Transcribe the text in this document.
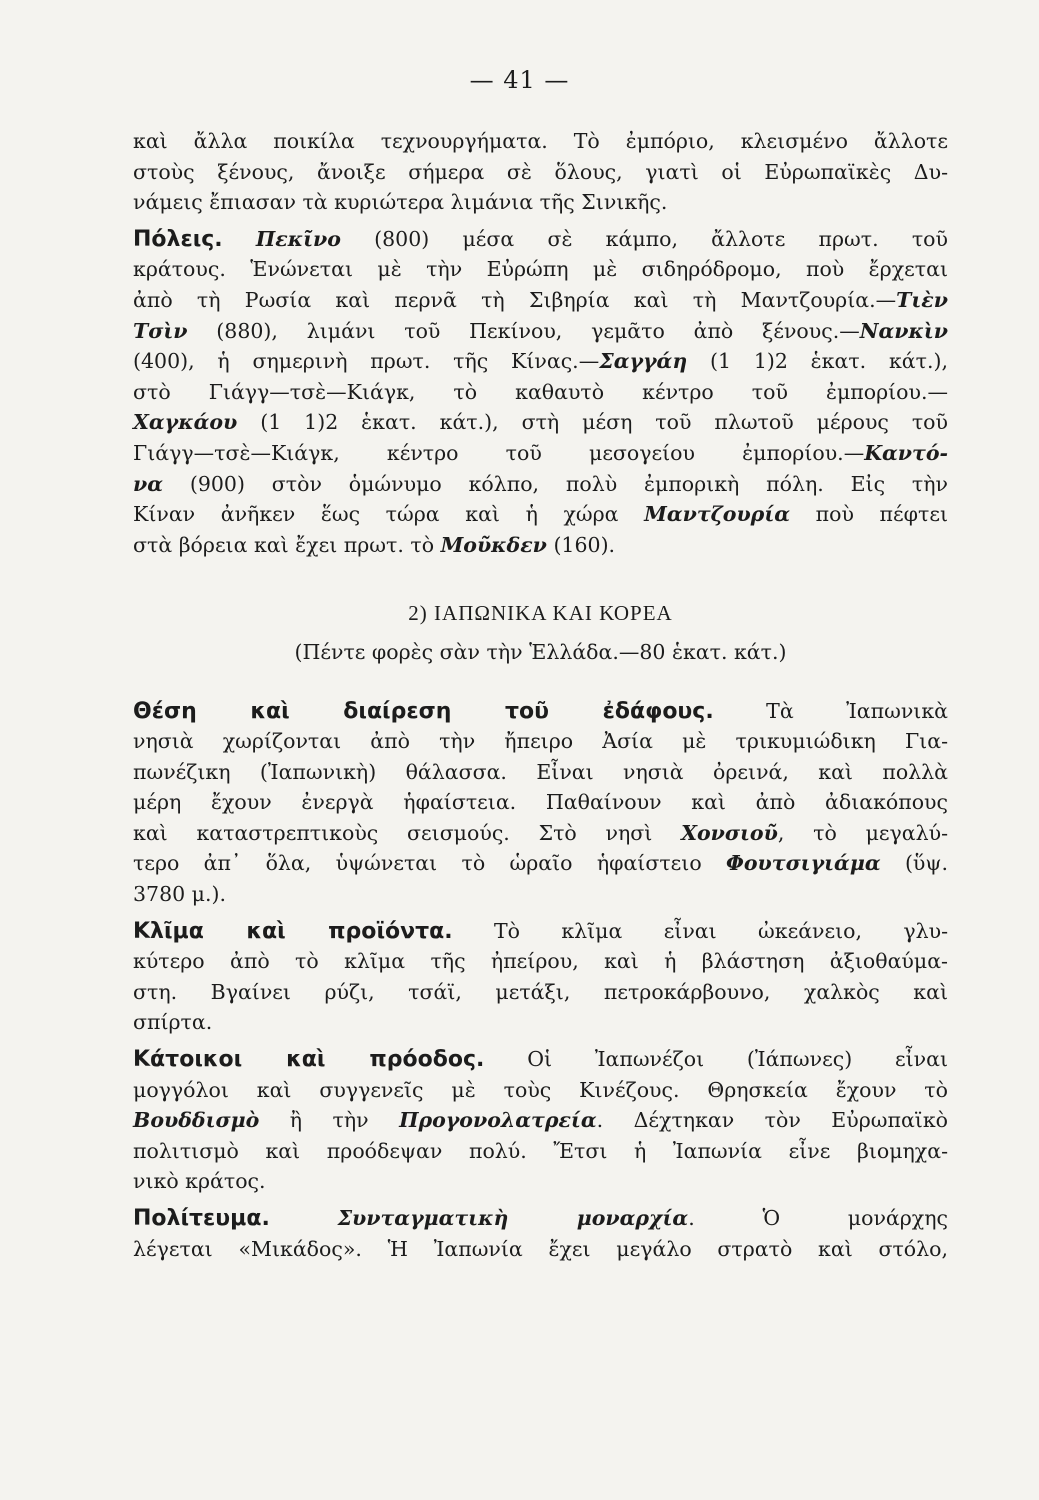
— 41 —
καὶ ἄλλα ποικίλα τεχνουργήματα. Τὸ ἐμπόριο, κλεισμένο ἄλλοτε
στοὺς ξένους, ἄνοιξε σήμερα σὲ ὅλους, γιατὶ οἱ Εὐρωπαϊκὲς Δυ-
νάμεις ἔπιασαν τὰ κυριώτερα λιμάνια τῆς Σινικῆς.
Πόλεις. Πεκῖνο (800) μέσα σὲ κάμπο, ἄλλοτε πρωτ. τοῦ
κράτους. Ἑνώνεται μὲ τὴν Εὐρώπη μὲ σιδηρόδρομο, ποὺ ἔρχεται
ἀπὸ τὴ Ρωσία καὶ περνᾶ τὴ Σιβηρία καὶ τὴ Μαντζουρία.—Τιὲν
Τσὶν (880), λιμάνι τοῦ Πεκίνου, γεμᾶτο ἀπὸ ξένους.—Νανκὶν
(400), ἡ σημερινὴ πρωτ. τῆς Κίνας.—Σαγγάη (1 1)2 ἑκατ. κάτ.),
στὸ Γιάγγ—τσὲ—Κιάγκ, τὸ καθαυτὸ κέντρο τοῦ ἐμπορίου.—
Χαγκάου (1 1)2 ἑκατ. κάτ.), στὴ μέση τοῦ πλωτοῦ μέρους τοῦ
Γιάγγ—τσὲ—Κιάγκ, κέντρο τοῦ μεσογείου ἐμπορίου.—Καντό-
να (900) στὸν ὁμώνυμο κόλπο, πολὺ ἐμπορικὴ πόλη. Εἰς τὴν
Κίναν ἀνῆκεν ἕως τώρα καὶ ἡ χώρα Μαντζουρία ποὺ πέφτει
στὰ βόρεια καὶ ἔχει πρωτ. τὸ Μοῦκδεν (160).
2) ΙΑΠΩΝΙΚΑ ΚΑΙ ΚΟΡΕΑ
(Πέντε φορὲς σὰν τὴν Ἑλλάδα.—80 ἑκατ. κάτ.)
Θέση καὶ διαίρεση τοῦ ἐδάφους. Τὰ Ἰαπωνικὰ
νησιὰ χωρίζονται ἀπὸ τὴν ἤπειρο Ἀσία μὲ τρικυμιώδικη Για-
πωνέζικη (Ἰαπωνικὴ) θάλασσα. Εἶναι νησιὰ ὀρεινά, καὶ πολλὰ
μέρη ἔχουν ἐνεργὰ ἡφαίστεια. Παθαίνουν καὶ ἀπὸ ἀδιακόπους
καὶ καταστρεπτικοὺς σεισμούς. Στὸ νησὶ Χονσιοῦ, τὸ μεγαλύ-
τερο ἀπ᾽ ὅλα, ὑψώνεται τὸ ὡραῖο ἡφαίστειο Φουτσιγιάμα (ὕψ.
3780 μ.).
Κλῖμα καὶ προϊόντα. Τὸ κλῖμα εἶναι ὠκεάνειο, γλυ-
κύτερο ἀπὸ τὸ κλῖμα τῆς ἠπείρου, καὶ ἡ βλάστηση ἀξιοθαύμα-
στη. Βγαίνει ρύζι, τσάϊ, μετάξι, πετροκάρβουνο, χαλκὸς καὶ
σπίρτα.
Κάτοικοι καὶ πρόοδος. Οἱ Ἰαπωνέζοι (Ἰάπωνες) εἶναι
μογγόλοι καὶ συγγενεῖς μὲ τοὺς Κινέζους. Θρησκεία ἔχουν τὸ
Βουδδισμὸ ἢ τὴν Προγονολατρεία. Δέχτηκαν τὸν Εὐρωπαϊκὸ
πολιτισμὸ καὶ προόδεψαν πολύ. Ἔτσι ἡ Ἰαπωνία εἶνε βιομηχα-
νικὸ κράτος.
Πολίτευμα.	Συνταγματικὴ μοναρχία. Ὁ μονάρχης
λέγεται «Μικάδος». Ἡ Ἰαπωνία ἔχει μεγάλο στρατὸ καὶ στόλο,
